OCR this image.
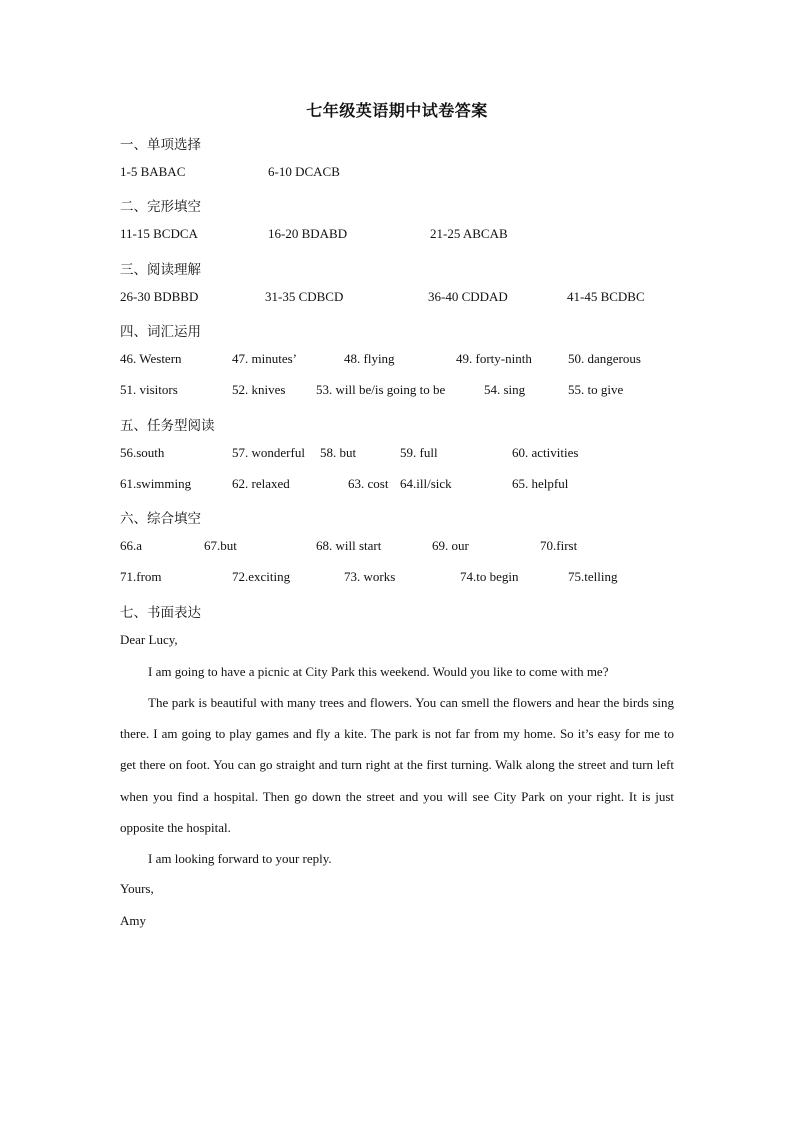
七年级英语期中试卷答案
一、单项选择
1-5 BABAC	6-10 DCACB
二、完形填空
11-15 BCDCA	16-20 BDABD	21-25 ABCAB
三、阅读理解
26-30 BDBBD	31-35 CDBCD	36-40 CDDAD	41-45 BCDBC
四、词汇运用
46. Western	47. minutes’	48. flying	49. forty-ninth	50. dangerous
51. visitors	52. knives 53. will be/is going to be	54. sing	55. to give
五、任务型阅读
56.south	57. wonderful 58. but	59. full	60. activities
61.swimming	62. relaxed	63. cost 64.ill/sick	65. helpful
六、综合填空
66.a	67.but	68. will start	69. our	70.first
71.from	72.exciting	73. works	74.to begin	75.telling
七、书面表达
Dear Lucy,
I am going to have a picnic at City Park this weekend. Would you like to come with me?
The park is beautiful with many trees and flowers. You can smell the flowers and hear the birds sing there. I am going to play games and fly a kite. The park is not far from my home. So it’s easy for me to get there on foot. You can go straight and turn right at the first turning. Walk along the street and turn left when you find a hospital. Then go down the street and you will see City Park on your right. It is just opposite the hospital.
I am looking forward to your reply.
Yours,
Amy
